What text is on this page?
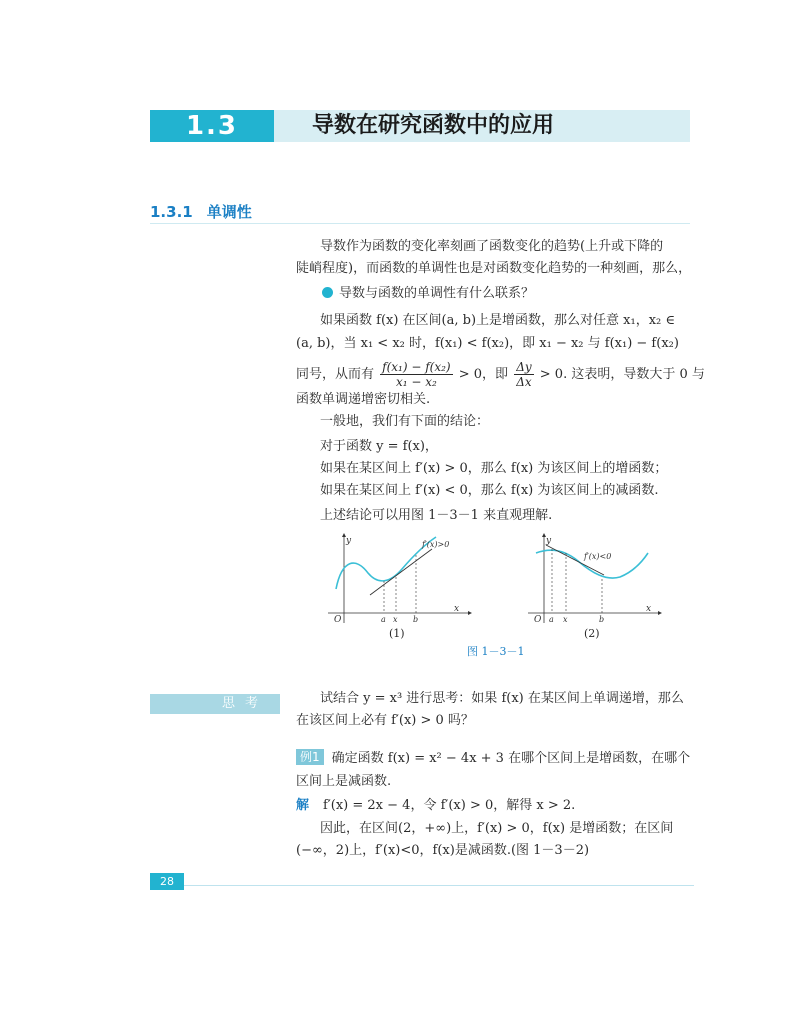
1.3	导数在研究函数中的应用
1.3.1 单调性
导数作为函数的变化率刻画了函数变化的趋势(上升或下降的
陡峭程度)，而函数的单调性也是对函数变化趋势的一种刻画，那么，
导数与函数的单调性有什么联系？
如果函数 f(x) 在区间(a, b)上是增函数，那么对任意 x₁，x₂ ∈
(a, b)，当 x₁ < x₂ 时，f(x₁) < f(x₂)，即 x₁ − x₂ 与 f(x₁) − f(x₂)
同号，从而有 $\frac{\text{f(x₁) − f(x₂)}}{\text{x₁ − x₂}} > 0$，即 $\frac{\Delta y}{\Delta x} > 0$. 这表明，导数大于 0 与
函数单调递增密切相关.
一般地，我们有下面的结论：
对于函数 y = f(x)，
如果在某区间上 f′(x) > 0，那么 f(x) 为该区间上的增函数；
如果在某区间上 f′(x) < 0，那么 f(x) 为该区间上的减函数.
上述结论可以用图 1－3－1 来直观理解.
y
x
O	a x b
f′(x)>0
(1)
y
x
O a x	b
f′(x)<0
(2)
图 1－3－1
思考	试结合 y = x³ 进行思考：如果 f(x) 在某区间上单调递增，那么
在该区间上必有 f′(x) > 0 吗？
例1 确定函数 f(x) = x² − 4x + 3 在哪个区间上是增函数，在哪个
区间上是减函数.
解 f′(x) = 2x − 4，令 f′(x) > 0，解得 x > 2.
因此，在区间(2，+∞)上，f′(x) > 0，f(x) 是增函数；在区间
(−∞，2)上，f′(x)<0，f(x)是减函数.(图 1－3－2)
28
